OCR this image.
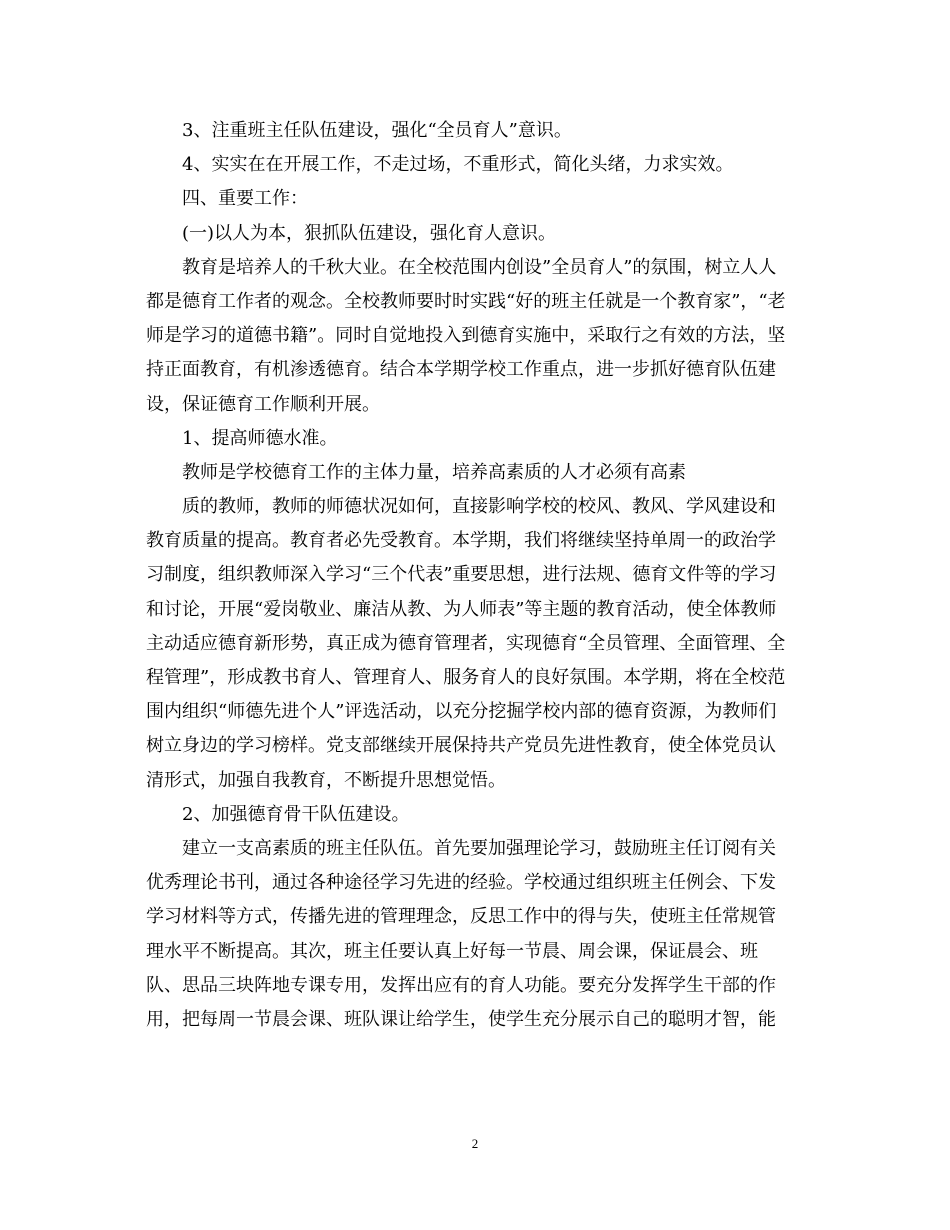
3、注重班主任队伍建设，强化“全员育人”意识。
4、实实在在开展工作，不走过场，不重形式，简化头绪，力求实效。
四、重要工作：
(一)以人为本，狠抓队伍建设，强化育人意识。
教育是培养人的千秋大业。在全校范围内创设”全员育人”的氛围，树立人人
都是德育工作者的观念。全校教师要时时实践“好的班主任就是一个教育家”，“老
师是学习的道德书籍”。同时自觉地投入到德育实施中，采取行之有效的方法，坚
持正面教育，有机渗透德育。结合本学期学校工作重点，进一步抓好德育队伍建
设，保证德育工作顺利开展。
1、提高师德水准。
教师是学校德育工作的主体力量，培养高素质的人才必须有高素
质的教师，教师的师德状况如何，直接影响学校的校风、教风、学风建设和
教育质量的提高。教育者必先受教育。本学期，我们将继续坚持单周一的政治学
习制度，组织教师深入学习“三个代表”重要思想，进行法规、德育文件等的学习
和讨论，开展“爱岗敬业、廉洁从教、为人师表”等主题的教育活动，使全体教师
主动适应德育新形势，真正成为德育管理者，实现德育“全员管理、全面管理、全
程管理”，形成教书育人、管理育人、服务育人的良好氛围。本学期，将在全校范
围内组织“师德先进个人”评选活动，以充分挖掘学校内部的德育资源，为教师们
树立身边的学习榜样。党支部继续开展保持共产党员先进性教育，使全体党员认
清形式，加强自我教育，不断提升思想觉悟。
2、加强德育骨干队伍建设。
建立一支高素质的班主任队伍。首先要加强理论学习，鼓励班主任订阅有关
优秀理论书刊，通过各种途径学习先进的经验。学校通过组织班主任例会、下发
学习材料等方式，传播先进的管理理念，反思工作中的得与失，使班主任常规管
理水平不断提高。其次，班主任要认真上好每一节晨、周会课，保证晨会、班
队、思品三块阵地专课专用，发挥出应有的育人功能。要充分发挥学生干部的作
用，把每周一节晨会课、班队课让给学生，使学生充分展示自己的聪明才智，能
2
